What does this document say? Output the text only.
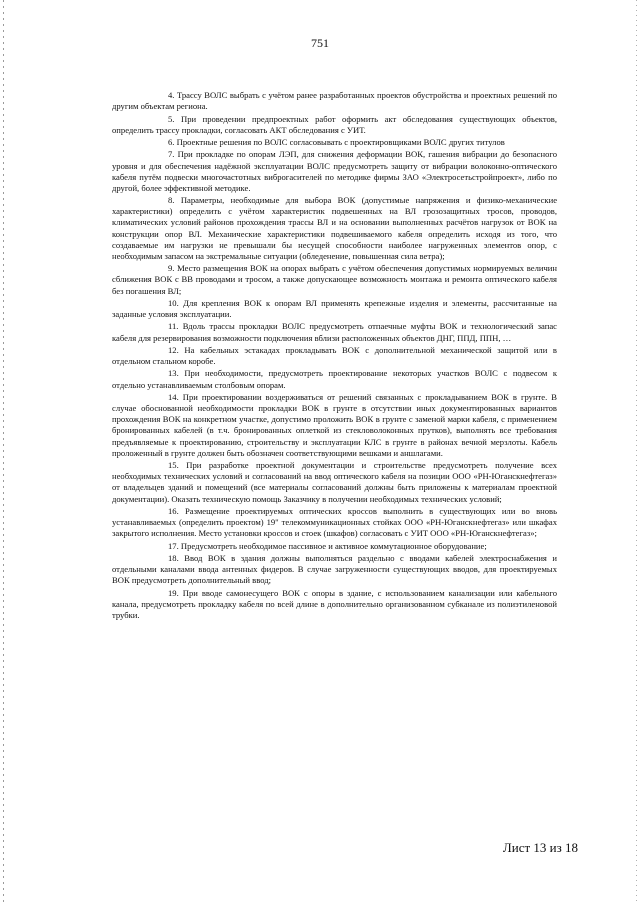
751

4. Трассу ВОЛС выбрать с учётом ранее разработанных проектов обустройства и проектных решений по другим объектам региона.

5. При проведении предпроектных работ оформить акт обследования существующих объектов, определить трассу прокладки, согласовать АКТ обследования с УИТ.

6. Проектные решения по ВОЛС согласовывать с проектировщиками ВОЛС других титулов

7. При прокладке по опорам ЛЭП, для снижения деформации ВОК, гашения вибрации до безопасного уровня и для обеспечения надёжной эксплуатации ВОЛС предусмотреть защиту от вибрации волоконно-оптического кабеля путём подвески многочастотных виброгасителей по методике фирмы ЗАО «Электросетьстройпроект», либо по другой, более эффективной методике.

8. Параметры, необходимые для выбора ВОК (допустимые напряжения и физико-механические характеристики) определить с учётом характеристик подвешенных на ВЛ грозозащитных тросов, проводов, климатических условий районов прохождения трассы ВЛ и на основании выполненных расчётов нагрузок от ВОК на конструкции опор ВЛ. Механические характеристики подвешиваемого кабеля определить исходя из того, что создаваемые им нагрузки не превышали бы несущей способности наиболее нагруженных элементов опор, с необходимым запасом на экстремальные ситуации (обледенение, повышенная сила ветра);

9. Место размещения ВОК на опорах выбрать с учётом обеспечения допустимых нормируемых величин сближения ВОК с ВВ проводами и тросом, а также допускающее возможность монтажа и ремонта оптического кабеля без погашения ВЛ;

10. Для крепления ВОК к опорам ВЛ применять крепежные изделия и элементы, рассчитанные на заданные условия эксплуатации.

11. Вдоль трассы прокладки ВОЛС предусмотреть отпаечные муфты ВОК и технологический запас кабеля для резервирования возможности подключения вблизи расположенных объектов ДНГ, ППД, ППН, …

12. На кабельных эстакадах прокладывать ВОК с дополнительной механической защитой или в отдельном стальном коробе.

13. При необходимости, предусмотреть проектирование некоторых участков ВОЛС с подвесом к отдельно устанавливаемым столбовым опорам.

14. При проектировании воздерживаться от решений связанных с прокладыванием ВОК в грунте. В случае обоснованной необходимости прокладки ВОК в грунте в отсутствии иных документированных вариантов прохождения ВОК на конкретном участке, допустимо проложить ВОК в грунте с заменой марки кабеля, с применением бронированных кабелей (в т.ч. бронированных оплеткой из стекловолоконных прутков), выполнять все требования предъявляемые к проектированию, строительству и эксплуатации КЛС в грунте в районах вечной мерзлоты. Кабель проложенный в грунте должен быть обозначен соответствующими вешками и аншлагами.

15. При разработке проектной документации и строительстве предусмотреть получение всех необходимых технических условий и согласований на ввод оптического кабеля на позиции ООО «РН-Юганскнефтегаз» от владельцев зданий и помещений (все материалы согласований должны быть приложены к материалам проектной документации). Оказать техническую помощь Заказчику в получении необходимых технических условий;

16. Размещение проектируемых оптических кроссов выполнить в существующих или во вновь устанавливаемых (определить проектом) 19" телекоммуникационных стойках ООО «РН-Юганскнефтегаз» или шкафах закрытого исполнения. Место установки кроссов и стоек (шкафов) согласовать с УИТ ООО «РН-Юганскнефтегаз»;

17. Предусмотреть необходимое пассивное и активное коммутационное оборудование;

18. Ввод ВОК в здания должны выполняться раздельно с вводами кабелей электроснабжения и отдельными каналами ввода антенных фидеров. В случае загруженности существующих вводов, для проектируемых ВОК предусмотреть дополнительный ввод;

19. При вводе самонесущего ВОК с опоры в здание, с использованием канализации или кабельного канала, предусмотреть прокладку кабеля по всей длине в дополнительно организованном субканале из полиэтиленовой трубки.

Лист 13 из 18
